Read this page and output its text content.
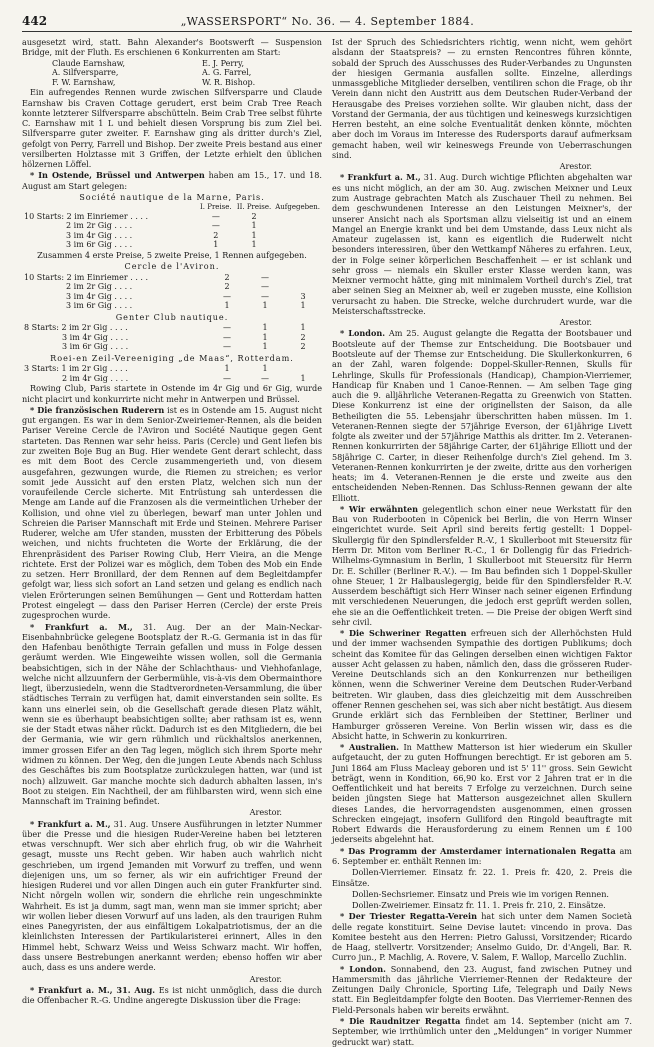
442	„WASSERSPORT“ No. 36. — 4. September 1884.

ausgesetzt wird, statt. Bahn Alexander's Bootswerft — Suspension Bridge, mit der Fluth. Es erschienen 6 Konkurrenten am Start:

Claude Earnshaw,	E. J. Perry,
A. Silfversparre,	A. G. Farrel,
F. W. Earnshaw,	W. R. Bishop.

Ein aufregendes Rennen wurde zwischen Silfversparre und Claude Earnshaw bis Craven Cottage gerudert, erst beim Crab Tree Reach konnte letzterer Silfversparre abschütteln. Beim Crab Tree selbst führte C. Earnshaw mit 1 L und behielt diesen Vorsprung bis zum Ziel bei. Silfversparre guter zweiter. F. Earnshaw ging als dritter durch's Ziel, gefolgt von Perry, Farrell und Bishop. Der zweite Preis bestand aus einer versilberten Holztasse mit 3 Griffen, der Letzte erhielt den üblichen hölzernen Löffel.

* In Ostende, Brüssel und Antwerpen haben am 15., 17. und 18. August am Start gelegen:

Société nautique de la Marne, Paris.
	I. Preise.	II. Preise.	Aufgegeben.
10 Starts: 2 im Einriemer . . . .	—	2	
2 im 2r Gig . . . .	—	1	
3 im 4r Gig . . . .	2	1	
3 im 6r Gig . . . .	1	1	

Zusammen 4 erste Preise, 5 zweite Preise, 1 Rennen aufgegeben.

Cercle de l'Aviron.
10 Starts: 2 im Einriemer . . . .	2	—	
2 im 2r Gig . . . .	2	—	
3 im 4r Gig . . . .	—	—	3
3 im 6r Gig . . . .	1	1	1
Genter Club nautique.
8 Starts: 2 im 2r Gig . . . .	—	1	1
3 im 4r Gig . . . .	—	1	2
3 im 6r Gig . . . .	—	1	2
Roei-en Zeil-Vereeniging „de Maas“, Rotterdam.
3 Starts: 1 im 2r Gig . . . .	1	1	
2 im 4r Gig . . . .	—	—	1

Rowing Club, Paris startete in Ostende im 4r Gig und 6r Gig, wurde nicht placirt und konkurrirte nicht mehr in Antwerpen und Brüssel.

* Die französischen Ruderern ist es in Ostende am 15. August nicht gut ergangen. Es war in dem Senior-Zweiriemer-Rennen, als die beiden Pariser Vereine Cercle de l'Aviron und Société Nautique gegen Gent starteten. Das Rennen war sehr heiss. Paris (Cercle) und Gent liefen bis zur zweiten Boje Bug an Bug. Hier wendete Gent derart schlecht, dass es mit dem Boot des Cercle zusammengerieth und, von diesem ausgefahren, gezwungen wurde, die Riemen zu streichen; es verlor somit jede Aussicht auf den ersten Platz, welchen sich nun der voraufeilende Cercle sicherte. Mit Entrüstung sah unterdessen die Menge am Lande auf die Franzosen als die vermeintlichen Urheber der Kollision, und ohne viel zu überlegen, bewarf man unter Johlen und Schreien die Pariser Mannschaft mit Erde und Steinen. Mehrere Pariser Ruderer, welche am Ufer standen, mussten der Erbitterung des Pöbels weichen, und nichts fruchteten die Worte der Erklärung, die der Ehrenpräsident des Pariser Rowing Club, Herr Vieira, an die Menge richtete. Erst der Polizei war es möglich, dem Toben des Mob ein Ende zu setzen. Herr Bronillard, der dem Rennen auf dem Begleitdampfer gefolgt war, liess sich sofort an Land setzen und gelang es endlich nach vielen Erörterungen seinen Bemühungen — Gent und Rotterdam hatten Protest eingelegt — dass den Pariser Herren (Cercle) der erste Preis zugesprochen wurde.

* Frankfurt a. M., 31. Aug. Der an der Main-Neckar-Eisenbahnbrücke gelegene Bootsplatz der R.-G. Germania ist in das für den Hafenbau benöthigte Terrain gefallen und muss in Folge dessen geräumt werden. Wie Eingeweihte wissen wollen, soll die Germania beabsichtigen, sich in der Nähe der Schlachthaus- und Viehhofanlage, welche nicht allzuunfern der Gerbermühle, vis-à-vis dem Obermainthore liegt, überzusiedeln, wenn die Stadtverordneten-Versammlung, die über städtisches Terrain zu verfügen hat, damit einverstanden sein sollte. Es kann uns einerlei sein, ob die Gesellschaft gerade diesen Platz wählt, wenn sie es überhaupt beabsichtigen sollte; aber rathsam ist es, wenn sie der Stadt etwas näher rückt. Dadurch ist es den Mitgliedern, die bei der Germania, wie wir gern rühmlich und rückhaltslos anerkennen, immer grossen Eifer an den Tag legen, möglich sich ihrem Sporte mehr widmen zu können. Der Weg, den die jungen Leute Abends nach Schluss des Geschäftes bis zum Bootsplatze zurückzulegen hatten, war (und ist noch) allzuweit. Gar manche mochte sich dadurch abhalten lassen, in's Boot zu steigen. Ein Nachtheil, der am fühlbarsten wird, wenn sich eine Mannschaft im Training befindet.

Arestor.

* Frankfurt a. M., 31. Aug. Unsere Ausführungen in letzter Nummer über die Presse und die hiesigen Ruder-Vereine haben bei letzteren etwas verschnupft. Wer sich aber ehrlich frug, ob wir die Wahrheit gesagt, musste uns Recht geben. Wir haben auch wahrlich nicht geschrieben, um irgend Jemanden mit Vorwurf zu treffen, und wenn diejenigen uns, um so ferner, als wir ein aufrichtiger Freund der hiesigen Ruderei und vor allen Dingen auch ein guter Frankfurter sind. Nicht nörgeln wollen wir, sondern die ehrliche rein ungeschminkte Wahrheit. Es ist ja dumm, sagt man, wenn man sie immer spricht; aber wir wollen lieber diesen Vorwurf auf uns laden, als den traurigen Ruhm eines Panegyristen, der aus einfältigem Lokalpatriotismus, der an die kleinlichsten Interessen der Partikularisterei erinnert, Alles in den Himmel hebt, Schwarz Weiss und Weiss Schwarz macht. Wir hoffen, dass unsere Bestrebungen anerkannt werden; ebenso hoffen wir aber auch, dass es uns andere werde.

Arestor.

* Frankfurt a. M., 31. Aug. Es ist nicht unmöglich, dass die durch die Offenbacher R.-G. Undine angeregte Diskussion über die Frage:

Ist der Spruch des Schiedsrichters richtig, wenn nicht, wem gehört alsdann der Staatspreis? — zu ernsten Rencontres führen könnte, sobald der Spruch des Ausschusses des Ruder-Verbandes zu Ungunsten der hiesigen Germania ausfallen sollte. Einzelne, allerdings unmassgebliche Mitglieder derselben, ventiliren schon die Frage, ob ihr Verein dann nicht den Austritt aus dem Deutschen Ruder-Verband der Herausgabe des Preises vorziehen sollte. Wir glauben nicht, dass der Vorstand der Germania, der aus tüchtigen und keineswegs kurzsichtigen Herren besteht, an eine solche Eventualität denken könnte, möchten aber doch im Voraus im Interesse des Rudersports darauf aufmerksam gemacht haben, weil wir keineswegs Freunde von Ueberraschungen sind.

Arestor.

* Frankfurt a. M., 31. Aug. Durch wichtige Pflichten abgehalten war es uns nicht möglich, an der am 30. Aug. zwischen Meixner und Leux zum Austrage gebrachten Match als Zuschauer Theil zu nehmen. Bei dem geschwundenen Interesse an den Leistungen Meixner's, der unserer Ansicht nach als Sportsman allzu vielseitig ist und an einem Mangel an Energie krankt und bei dem Umstande, dass Leux nicht als Amateur zugelassen ist, kann es eigentlich die Ruderwelt nicht besonders interessiren, über den Wettkampf Näheres zu erfahren. Leux, der in Folge seiner körperlichen Beschaffenheit — er ist schlank und sehr gross — niemals ein Skuller erster Klasse werden kann, was Meixner vermocht hätte, ging mit minimalem Vortheil durch's Ziel, trat aber seinen Sieg an Meixner ab, weil er zugeben musste, eine Kollision verursacht zu haben. Die Strecke, welche durchrudert wurde, war die Meisterschaftsstrecke.

Arestor.

* London. Am 25. August gelangte die Regatta der Bootsbauer und Bootsleute auf der Themse zur Entscheidung. Die Bootsbauer und Bootsleute auf der Themse zur Entscheidung. Die Skullerkonkurren, 6 an der Zahl, waren folgende: Doppel-Skuller-Rennen, Skulls für Lehrlinge, Skulls für Professionals (Handicap), Champion-Vierriemer, Handicap für Knaben und 1 Canoe-Rennen. — Am selben Tage ging auch die 9. alljährliche Veteranen-Regatta zu Greenwich von Statten. Diese Konkurrenz ist eine der originellsten der Saison, da alle Betheiligten die 55. Lebensjahr überschritten haben müssen. Im 1. Veteranen-Rennen siegte der 57jährige Everson, der 61jährige Livett folgte als zweiter und der 57jährige Matthis als dritter. Im 2. Veteranen-Rennen konkurrirten der 58jährige Carter, der 61jährige Elliott und der 58jährige C. Carter, in dieser Reihenfolge durch's Ziel gehend. Im 3. Veteranen-Rennen konkurrirten je der zweite, dritte aus den vorherigen heats; im 4. Veteranen-Rennen je die erste und zweite aus den entscheidenden Neben-Rennen. Das Schluss-Rennen gewann der alte Elliott.

* Wir erwähnten gelegentlich schon einer neue Werkstatt für den Bau von Ruderbooten in Cöpenick bei Berlin, die von Herrn Winser eingerichtet wurde. Seit April sind bereits fertig gestellt: 1 Doppel-Skullergig für den Spindlersfelder R.-V., 1 Skullerboot mit Steuersitz für Herrn Dr. Miton vom Berliner R.-C., 1 6r Dollengig für das Friedrich-Wilhelms-Gymnasium in Berlin, 1 Skullerboot mit Steuersitz für Herrn Dr. E. Schiller (Berliner R.-V.). — Im Bau befinden sich 1 Doppel-Skuller ohne Steuer, 1 2r Halbauslegergig, beide für den Spindlersfelder R.-V. Ausserdem beschäftigt sich Herr Winser nach seiner eigenen Erfindung mit verschiedenen Neuerungen, die jedoch erst geprüft werden sollen, ehe sie an die Oeffentlichkeit treten. — Die Preise der obigen Werft sind sehr civil.

* Die Schweriner Regatten erfreuen sich der Allerhöchsten Huld und der immer wachsenden Sympathie des dortigen Publikums; doch scheint das Komitee für das Gelingen derselben einen wichtigen Faktor ausser Acht gelassen zu haben, nämlich den, dass die grösseren Ruder-Vereine Deutschlands sich an den Konkurrenzen nur betheiligen können, wenn die Schweriner Vereine dem Deutschen Ruder-Verband beitreten. Wir glauben, dass dies gleichzeitig mit dem Ausschreiben offener Rennen geschehen sei, was sich aber nicht bestätigt. Aus diesem Grunde erklärt sich das Fernbleiben der Stettiner, Berliner und Hamburger grösseren Vereine. Von Berlin wissen wir, dass es die Absicht hatte, in Schwerin zu konkurriren.

* Australien. In Matthew Matterson ist hier wiederum ein Skuller aufgetaucht, der zu guten Hoffnungen berechtigt. Er ist geboren am 5. Juni 1864 am Fluss Macleay geboren und ist 5' 11'' gross. Sein Gewicht beträgt, wenn in Kondition, 66,90 ko. Erst vor 2 Jahren trat er in die Oeffentlichkeit und hat bereits 7 Erfolge zu verzeichnen. Durch seine beiden jüngsten Siege hat Matterson ausgezeichnet allen Skullern dieses Landes, die hervorragendsten ausgenommen, einen grossen Schrecken eingejagt, insofern Gulliford den Ringold beauftragte mit Robert Edwards die Herausforderung zu einem Rennen um £ 100 jederseits abgelehnt hat.

* Das Programm der Amsterdamer internationalen Regatta am 6. September er. enthält Rennen im:

Dollen-Vierriemer. Einsatz fr. 22. 1. Preis fr. 420, 2. Preis die Einsätze.

Dollen-Sechsriemer. Einsatz und Preis wie im vorigen Rennen.

Dollen-Zweiriemer. Einsatz fr. 11. 1. Preis fr. 210, 2. Einsätze.

* Der Triester Regatta-Verein hat sich unter dem Namen Società delle regate konstituirt. Seine Devise lautet: vincendo in prova. Das Komitee besteht aus den Herren: Pietro Galussi, Vorsitzender; Ricardo de Haag, stellvertr. Vorsitzender; Anselmo Guido, Dr. d'Angeli, Bar. R. Curro jun., P. Machlig, A. Rovere, V. Salem, F. Wallop, Marcello Zuchlin.

* London. Sonnabend, den 23. August, fand zwischen Putney und Hammersmith das jährliche Vierriemer-Rennen der Redakteure der Zeitungen Daily Chronicle, Sporting Life, Telegraph und Daily News statt. Ein Begleitdampfer folgte den Booten. Das Vierriemer-Rennen des Field-Personals haben wir bereits erwähnt.

* Die Raudnitzer Regatta findet am 14. September (nicht am 7. September, wie irrthümlich unter den „Meldungen“ in voriger Nummer gedruckt war) statt.
